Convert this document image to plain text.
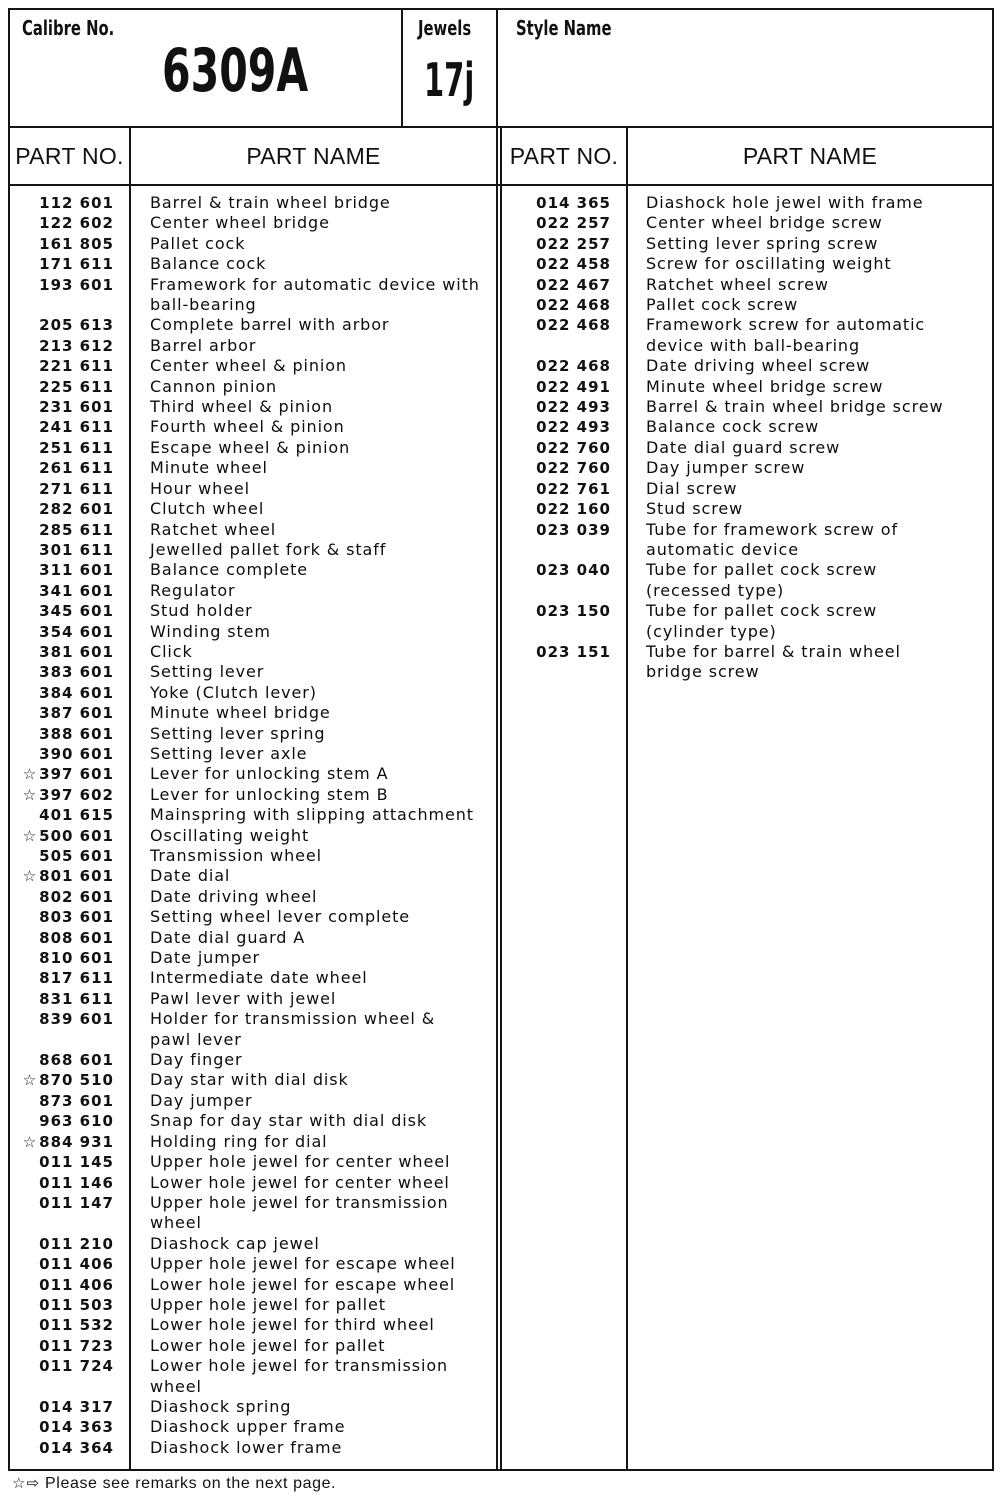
Calibre No.
6309A
Jewels
17j
Style Name
PART NO.	PART NAME	PART NO.	PART NAME
112 601	Barrel & train wheel bridge
122 602	Center wheel bridge
161 805	Pallet cock
171 611	Balance cock
193 601	Framework for automatic device with
ball-bearing
205 613	Complete barrel with arbor
213 612	Barrel arbor
221 611	Center wheel & pinion
225 611	Cannon pinion
231 601	Third wheel & pinion
241 611	Fourth wheel & pinion
251 611	Escape wheel & pinion
261 611	Minute wheel
271 611	Hour wheel
282 601	Clutch wheel
285 611	Ratchet wheel
301 611	Jewelled pallet fork & staff
311 601	Balance complete
341 601	Regulator
345 601	Stud holder
354 601	Winding stem
381 601	Click
383 601	Setting lever
384 601	Yoke (Clutch lever)
387 601	Minute wheel bridge
388 601	Setting lever spring
390 601	Setting lever axle
☆ 397 601	Lever for unlocking stem A
☆ 397 602	Lever for unlocking stem B
401 615	Mainspring with slipping attachment
☆ 500 601	Oscillating weight
505 601	Transmission wheel
☆ 801 601	Date dial
802 601	Date driving wheel
803 601	Setting wheel lever complete
808 601	Date dial guard A
810 601	Date jumper
817 611	Intermediate date wheel
831 611	Pawl lever with jewel
839 601	Holder for transmission wheel &
pawl lever
868 601	Day finger
☆ 870 510	Day star with dial disk
873 601	Day jumper
963 610	Snap for day star with dial disk
☆ 884 931	Holding ring for dial
011 145	Upper hole jewel for center wheel
011 146	Lower hole jewel for center wheel
011 147	Upper hole jewel for transmission
wheel
011 210	Diashock cap jewel
011 406	Upper hole jewel for escape wheel
011 406	Lower hole jewel for escape wheel
011 503	Upper hole jewel for pallet
011 532	Lower hole jewel for third wheel
011 723	Lower hole jewel for pallet
011 724	Lower hole jewel for transmission
wheel
014 317	Diashock spring
014 363	Diashock upper frame
014 364	Diashock lower frame
014 365	Diashock hole jewel with frame
022 257	Center wheel bridge screw
022 257	Setting lever spring screw
022 458	Screw for oscillating weight
022 467	Ratchet wheel screw
022 468	Pallet cock screw
022 468	Framework screw for automatic
device with ball-bearing
022 468	Date driving wheel screw
022 491	Minute wheel bridge screw
022 493	Barrel & train wheel bridge screw
022 493	Balance cock screw
022 760	Date dial guard screw
022 760	Day jumper screw
022 761	Dial screw
022 160	Stud screw
023 039	Tube for framework screw of
automatic device
023 040	Tube for pallet cock screw
(recessed type)
023 150	Tube for pallet cock screw
(cylinder type)
023 151	Tube for barrel & train wheel
bridge screw
☆⇨ Please see remarks on the next page.
